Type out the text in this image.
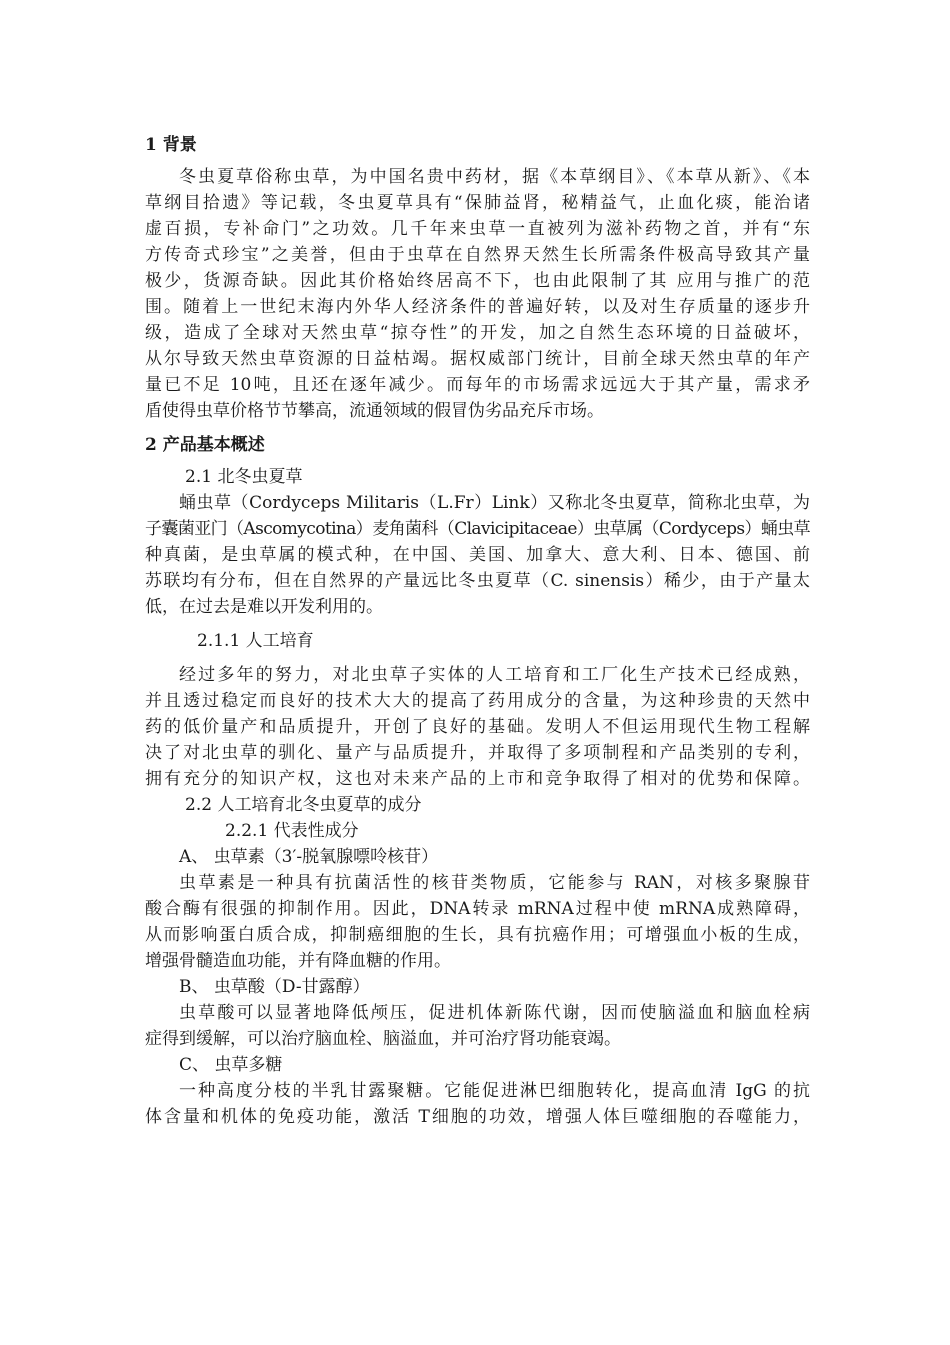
1 背景
冬虫夏草俗称虫草，为中国名贵中药材，据《本草纲目》、《本草从新》、《本
草纲目拾遗》等记载，冬虫夏草具有“保肺益肾，秘精益气，止血化痰，能治诸
虚百损，专补命门”之功效。几千年来虫草一直被列为滋补药物之首，并有“东
方传奇式珍宝”之美誉，但由于虫草在自然界天然生长所需条件极高导致其产量
极少，货源奇缺。因此其价格始终居高不下，也由此限制了其 应用与推广的范
围。随着上一世纪末海内外华人经济条件的普遍好转，以及对生存质量的逐步升
级，造成了全球对天然虫草“掠夺性”的开发，加之自然生态环境的日益破坏，
从尔导致天然虫草资源的日益枯竭。据权威部门统计，目前全球天然虫草的年产
量已不足 10吨，且还在逐年减少。而每年的市场需求远远大于其产量，需求矛
盾使得虫草价格节节攀高，流通领域的假冒伪劣品充斥市场。
2 产品基本概述
2.1 北冬虫夏草
蛹虫草（Cordyceps Militaris（L.Fr）Link）又称北冬虫夏草，简称北虫草，为
子囊菌亚门（Ascomycotina）麦角菌科（Clavicipitaceae）虫草属（Cordyceps）蛹虫草
种真菌，是虫草属的模式种，在中国、美国、加拿大、意大利、日本、德国、前
苏联均有分布，但在自然界的产量远比冬虫夏草（C. sinensis）稀少，由于产量太
低，在过去是难以开发利用的。
2.1.1 人工培育
经过多年的努力，对北虫草子实体的人工培育和工厂化生产技术已经成熟，
并且透过稳定而良好的技术大大的提高了药用成分的含量，为这种珍贵的天然中
药的低价量产和品质提升，开创了良好的基础。发明人不但运用现代生物工程解
决了对北虫草的驯化、量产与品质提升，并取得了多项制程和产品类别的专利，
拥有充分的知识产权，这也对未来产品的上市和竞争取得了相对的优势和保障。
2.2 人工培育北冬虫夏草的成分
2.2.1 代表性成分
A、 虫草素（3′-脱氧腺嘌呤核苷）
虫草素是一种具有抗菌活性的核苷类物质，它能参与 RAN，对核多聚腺苷
酸合酶有很强的抑制作用。因此，DNA转录 mRNA过程中使 mRNA成熟障碍，
从而影响蛋白质合成，抑制癌细胞的生长，具有抗癌作用；可增强血小板的生成，
增强骨髓造血功能，并有降血糖的作用。
B、 虫草酸（D-甘露醇）
虫草酸可以显著地降低颅压，促进机体新陈代谢，因而使脑溢血和脑血栓病
症得到缓解，可以治疗脑血栓、脑溢血，并可治疗肾功能衰竭。
C、 虫草多糖
一种高度分枝的半乳甘露聚糖。它能促进淋巴细胞转化，提高血清 IgG 的抗
体含量和机体的免疫功能，激活 T细胞的功效，增强人体巨噬细胞的吞噬能力，
